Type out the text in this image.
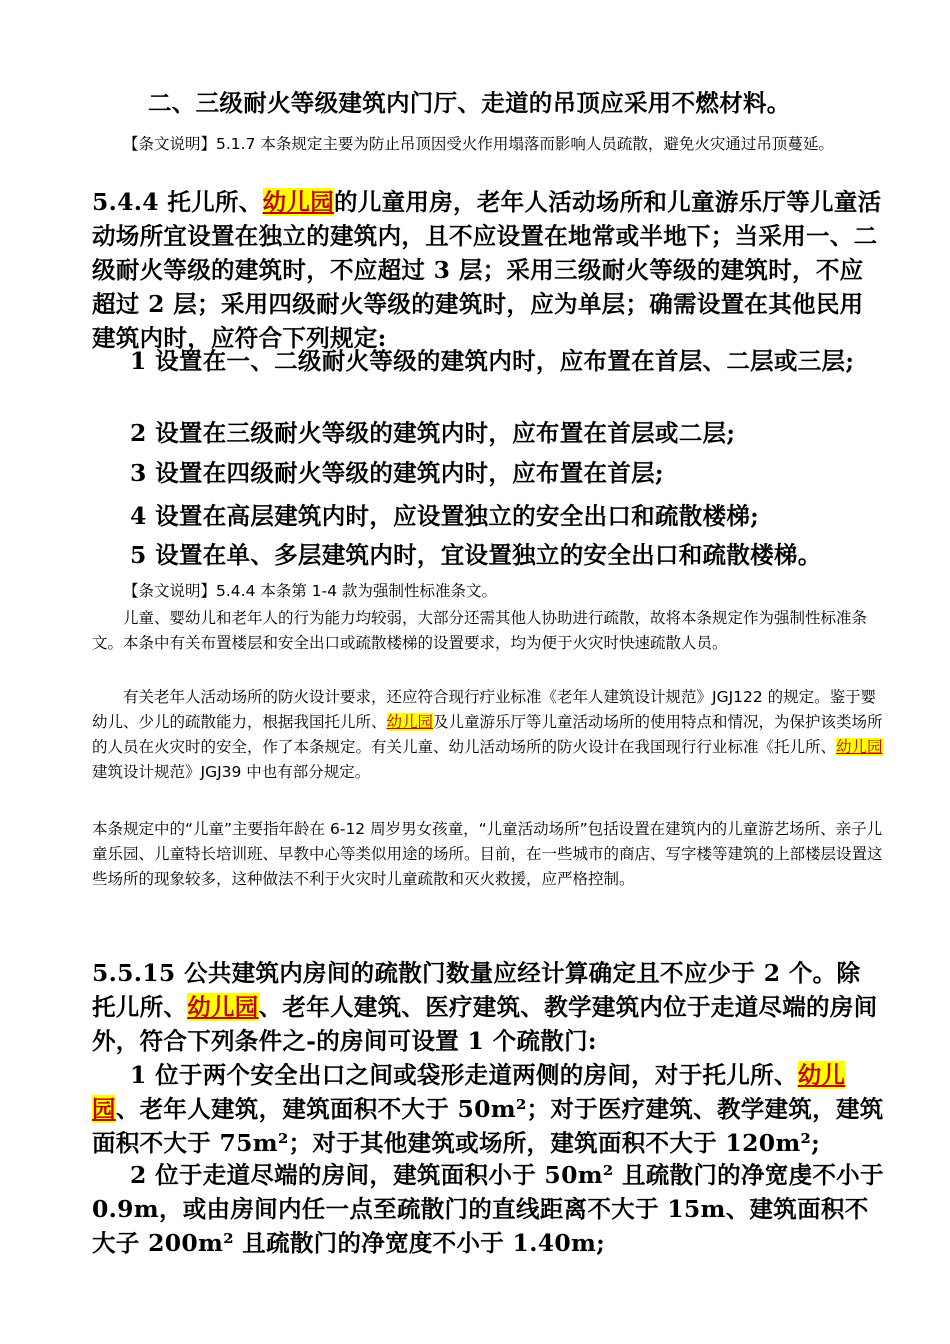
二、三级耐火等级建筑内门厅、走道的吊顶应采用不燃材料。

【条文说明】5.1.7 本条规定主要为防止吊顶因受火作用塌落而影响人员疏散，避免火灾通过吊顶蔓延。

5.4.4 托儿所、幼儿园的儿童用房，老年人活动场所和儿童游乐厅等儿童活动场所宜设置在独立的建筑内，且不应设置在地常或半地下；当采用一、二级耐火等级的建筑时，不应超过 3 层；采用三级耐火等级的建筑时，不应超过 2 层；采用四级耐火等级的建筑时，应为单层；确需设置在其他民用建筑内时，应符合下列规定:

1 设置在一、二级耐火等级的建筑内时，应布置在首层、二层或三层;

2 设置在三级耐火等级的建筑内时，应布置在首层或二层;

3 设置在四级耐火等级的建筑内时，应布置在首层;

4 设置在高层建筑内时，应设置独立的安全出口和疏散楼梯;

5 设置在单、多层建筑内时，宜设置独立的安全出口和疏散楼梯。

【条文说明】5.4.4 本条第 1-4 款为强制性标准条文。

儿童、婴幼儿和老年人的行为能力均较弱，大部分还需其他人协助进行疏散，故将本条规定作为强制性标准条文。本条中有关布置楼层和安全出口或疏散楼梯的设置要求，均为便于火灾时快速疏散人员。

有关老年人活动场所的防火设计要求，还应符合现行疔业标准《老年人建筑设计规范》JGJ122 的规定。鉴于婴幼儿、少儿的疏散能力，根据我国托儿所、幼儿园及儿童游乐厅等儿童活动场所的使用特点和情况，为保护该类场所的人员在火灾时的安全，作了本条规定。有关儿童、幼儿活动场所的防火设计在我国现行行业标准《托儿所、幼儿园建筑设计规范》JGJ39 中也有部分规定。

本条规定中的“儿童”主要指年龄在 6-12 周岁男女孩童，“儿童活动场所”包括设置在建筑内的儿童游艺场所、亲子儿童乐园、儿童特长培训班、早教中心等类似用途的场所。目前，在一些城市的商店、写字楼等建筑的上部楼层设置这些场所的现象较多，这种做法不利于火灾时儿童疏散和灭火救援，应严格控制。

5.5.15 公共建筑内房间的疏散门数量应经计算确定且不应少于 2 个。除托儿所、幼儿园、老年人建筑、医疗建筑、教学建筑内位于走道尽端的房间外，符合下列条件之-的房间可设置 1 个疏散门:

1 位于两个安全出口之间或袋形走道两侧的房间，对于托儿所、幼儿园、老年人建筑，建筑面积不大于 50m²；对于医疗建筑、教学建筑，建筑面积不大于 75m²；对于其他建筑或场所，建筑面积不大于 120m²;

2 位于走道尽端的房间，建筑面积小于 50m² 且疏散门的净宽虔不小于 0.9m，或由房间内任一点至疏散门的直线距离不大于 15m、建筑面积不大子 200m² 且疏散门的净宽度不小于 1.40m;
